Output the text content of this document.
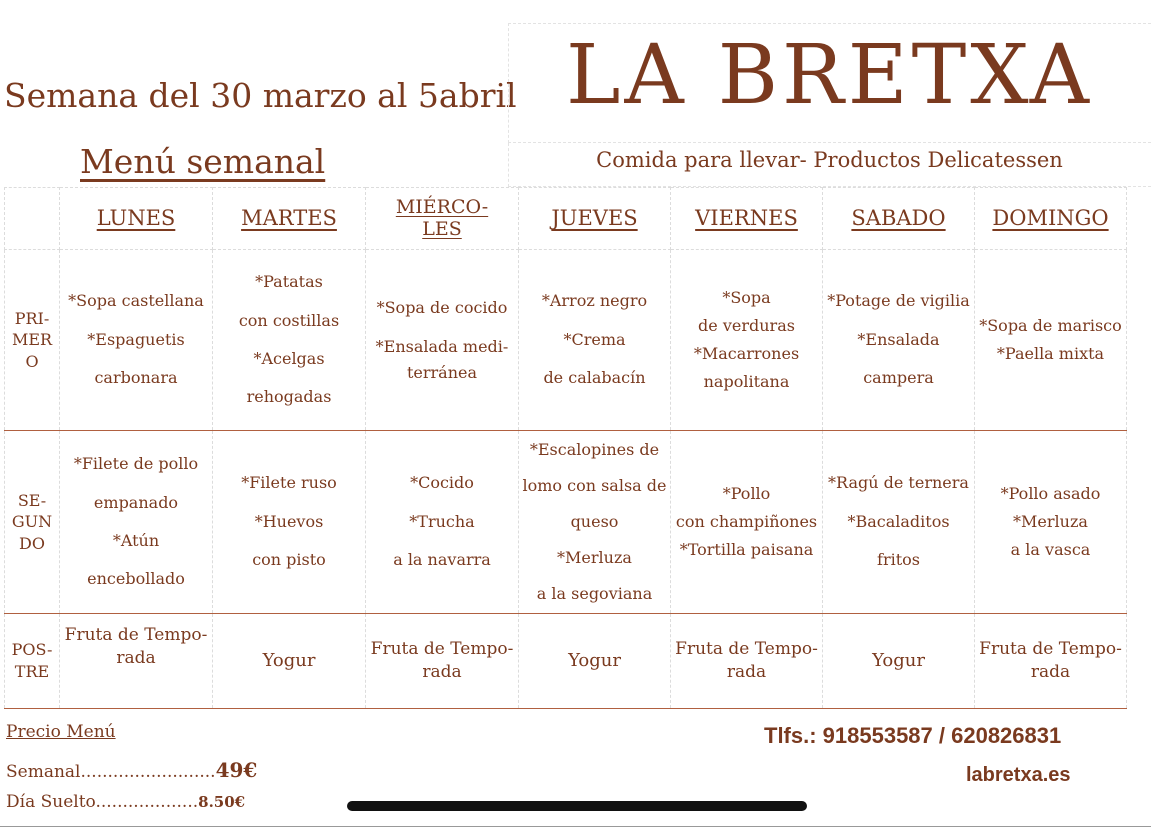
Semana del 30 marzo al 5abril
Menú semanal
LA BRETXA
Comida para llevar- Productos Delicatessen
	LUNES	MARTES	MIÉRCO-
LES	JUEVES	VIERNES	SABADO	DOMINGO

PRI-
MER
O	*Sopa castellana
*Espaguetis
carbonara	*Patatas
con costillas
*Acelgas
rehogadas	*Sopa de cocido
*Ensalada medi-
terránea	*Arroz negro
*Crema
de calabacín	*Sopa
de verduras
*Macarrones
napolitana	*Potage de vigilia
*Ensalada
campera	*Sopa de marisco
*Paella mixta

SE-
GUN
DO	*Filete de pollo
empanado
*Atún
encebollado	*Filete ruso
*Huevos
con pisto	*Cocido
*Trucha
a la navarra	*Escalopines de
lomo con salsa de
queso
*Merluza
a la segoviana	*Pollo
con champiñones
*Tortilla paisana	*Ragú de ternera
*Bacaladitos
fritos	*Pollo asado
*Merluza
a la vasca

POS-
TRE	Fruta de Tempo-
rada	Yogur	Fruta de Tempo-
rada	Yogur	Fruta de Tempo-
rada	Yogur	Fruta de Tempo-
rada
Precio Menú
Semanal.........................49€
Día Suelto...................8.50€
Tlfs.: 918553587 / 620826831
labretxa.es
